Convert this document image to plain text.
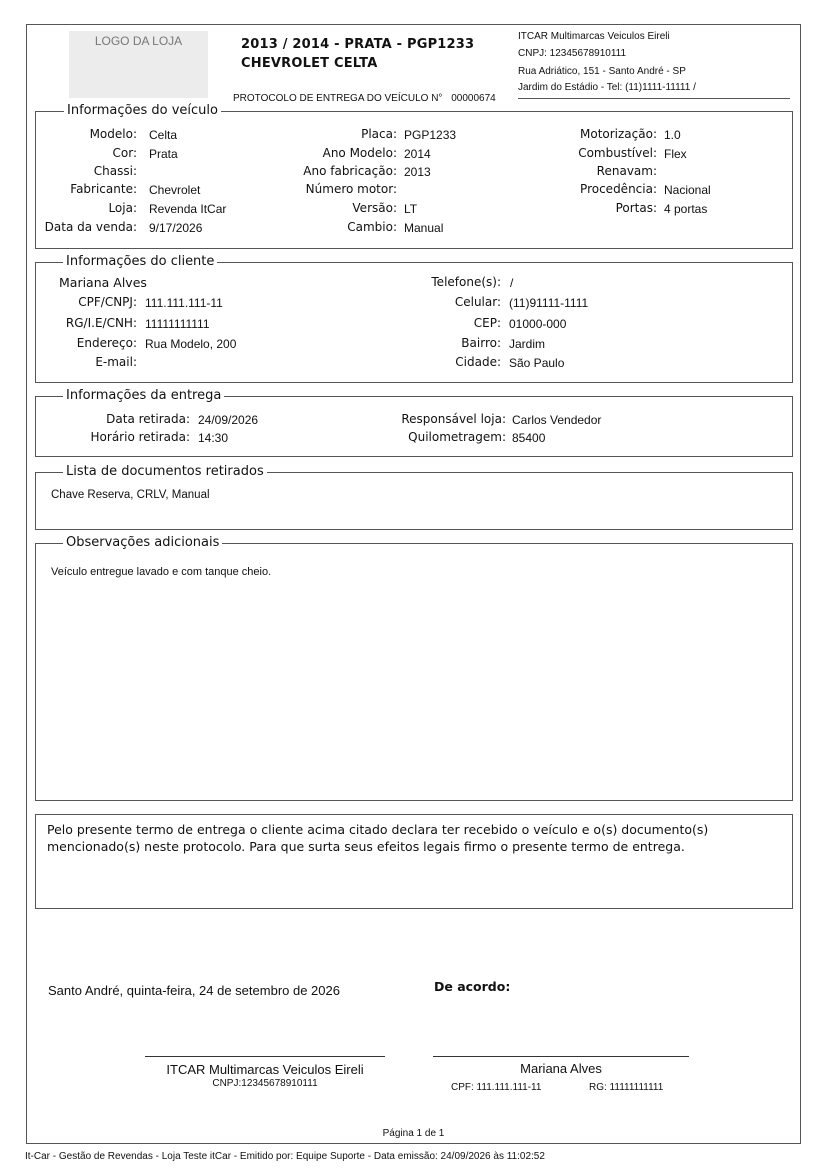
LOGO DA LOJA	2013 / 2014 - PRATA - PGP1233
CHEVROLET CELTA
PROTOCOLO DE ENTREGA DO VEÍCULO N° 00000674
ITCAR Multimarcas Veiculos Eireli
CNPJ: 12345678910111
Rua Adriático, 151 - Santo André - SP
Jardim do Estádio - Tel: (11)1111-11111 /
Informações do veículo
Modelo: Celta
Cor: Prata
Chassi:
Fabricante: Chevrolet
Loja: Revenda ItCar
Data da venda: 9/17/2026
Placa: PGP1233
Ano Modelo: 2014
Ano fabricação: 2013
Número motor:
Versão: LT
Cambio: Manual
Motorização: 1.0
Combustível: Flex
Renavam:
Procedência: Nacional
Portas: 4 portas
Informações do cliente
Mariana Alves
CPF/CNPJ: 111.111.111-11
RG/I.E/CNH: 11111111111
Endereço: Rua Modelo, 200
E-mail:
Telefone(s): /
Celular: (11)91111-1111
CEP: 01000-000
Bairro: Jardim
Cidade: São Paulo
Informações da entrega
Data retirada: 24/09/2026
Horário retirada: 14:30
Responsável loja: Carlos Vendedor
Quilometragem: 85400
Lista de documentos retirados
Chave Reserva, CRLV, Manual
Observações adicionais
Veículo entregue lavado e com tanque cheio.
Pelo presente termo de entrega o cliente acima citado declara ter recebido o veículo e o(s) documento(s) mencionado(s) neste protocolo. Para que surta seus efeitos legais firmo o presente termo de entrega.
Santo André, quinta-feira, 24 de setembro de 2026	De acordo:
ITCAR Multimarcas Veiculos Eireli
CNPJ:12345678910111
Mariana Alves
CPF: 111.111.111-11	RG: 11111111111
Página 1 de 1
It-Car - Gestão de Revendas - Loja Teste itCar - Emitido por: Equipe Suporte - Data emissão: 24/09/2026 às 11:02:52
